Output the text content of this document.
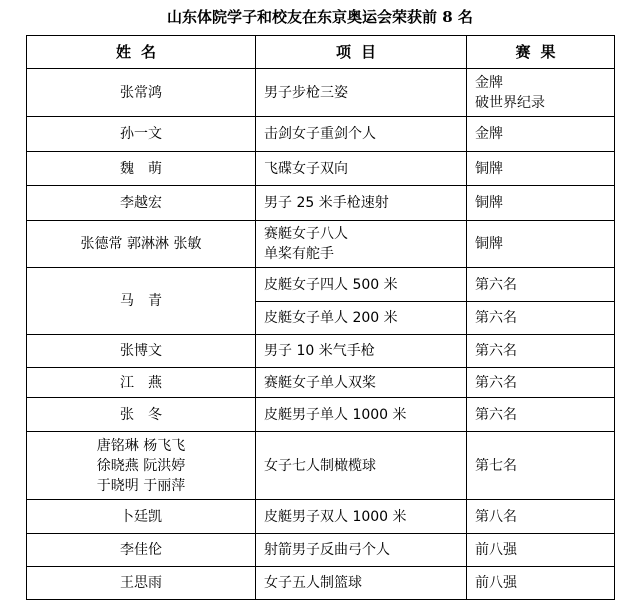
山东体院学子和校友在东京奥运会荣获前 8 名
姓名	项目	赛果

张常鸿	男子步枪三姿	金牌
破世界纪录

孙一文	击剑女子重剑个人	金牌

魏　萌	飞碟女子双向	铜牌

李越宏	男子 25 米手枪速射	铜牌

张德常 郭淋淋 张敏	赛艇女子八人
单桨有舵手	铜牌

马　青	皮艇女子四人 500 米	第六名

	皮艇女子单人 200 米	第六名

张博文	男子 10 米气手枪	第六名

江　燕	赛艇女子单人双桨	第六名

张　冬	皮艇男子单人 1000 米	第六名

唐铭琳 杨飞飞
徐晓燕 阮洪婷
于晓明 于丽萍	女子七人制橄榄球	第七名

卜廷凯	皮艇男子双人 1000 米	第八名

李佳伦	射箭男子反曲弓个人	前八强

王思雨	女子五人制篮球	前八强
